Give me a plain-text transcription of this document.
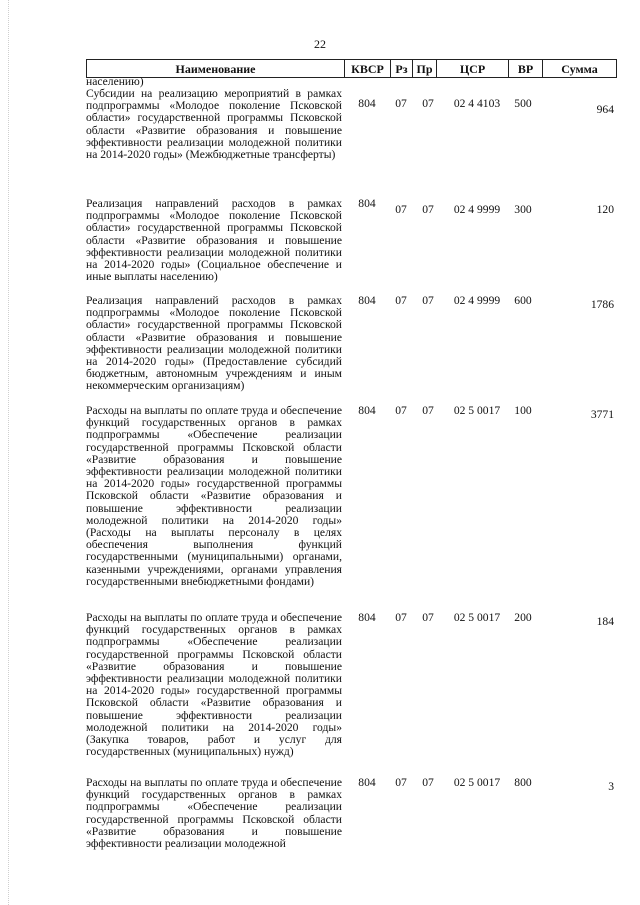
22
Наименование	КВСР	Рз	Пр	ЦСР	ВР	Сумма
населению)
Субсидии на реализацию мероприятий в рамках подпрограммы «Молодое поколение Псковской области» государственной программы Псковской области «Развитие образования и повышение эффективности реализации молодежной политики на 2014-2020 годы» (Межбюджетные трансферты)
804	07	07	02 4 4103	500	964
Реализация направлений расходов в рамках подпрограммы «Молодое поколение Псковской области» государственной программы Псковской области «Развитие образования и повышение эффективности реализации молодежной политики на 2014-2020 годы» (Социальное обеспечение и иные выплаты населению)
804	07	07	02 4 9999	300	120
Реализация направлений расходов в рамках подпрограммы «Молодое поколение Псковской области» государственной программы Псковской области «Развитие образования и повышение эффективности реализации молодежной политики на 2014-2020 годы» (Предоставление субсидий бюджетным, автономным учреждениям и иным некоммерческим организациям)
804	07	07	02 4 9999	600	1786
Расходы на выплаты по оплате труда и обеспечение функций государственных органов в рамках подпрограммы «Обеспечение реализации государственной программы Псковской области «Развитие образования и повышение эффективности реализации молодежной политики на 2014-2020 годы» государственной программы Псковской области «Развитие образования и повышение эффективности реализации молодежной политики на 2014-2020 годы» (Расходы на выплаты персоналу в целях обеспечения выполнения функций государственными (муниципальными) органами, казенными учреждениями, органами управления государственными внебюджетными фондами)
804	07	07	02 5 0017	100	3771
Расходы на выплаты по оплате труда и обеспечение функций государственных органов в рамках подпрограммы «Обеспечение реализации государственной программы Псковской области «Развитие образования и повышение эффективности реализации молодежной политики на 2014-2020 годы» государственной программы Псковской области «Развитие образования и повышение эффективности реализации молодежной политики на 2014-2020 годы» (Закупка товаров, работ и услуг для государственных (муниципальных) нужд)
804	07	07	02 5 0017	200	184
Расходы на выплаты по оплате труда и обеспечение функций государственных органов в рамках подпрограммы «Обеспечение реализации государственной программы Псковской области «Развитие образования и повышение эффективности реализации молодежной
804	07	07	02 5 0017	800	3
